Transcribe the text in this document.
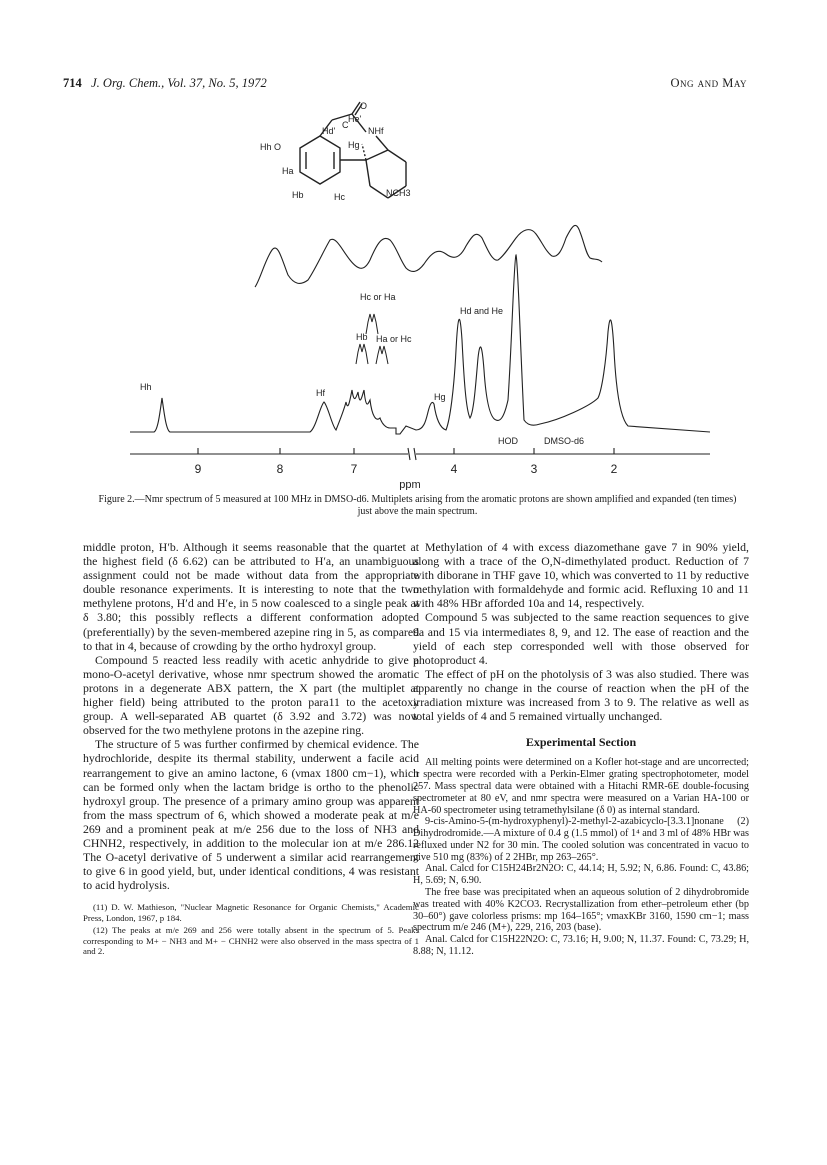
714 J. Org. Chem., Vol. 37, No. 5, 1972	Ong and May
He'
Hd'
O
C
NHf
Hh O	Hg
Ha
Hb	Hc	NCH3
Hc or Ha
Hb Ha or Hc
Hd and He
Hh
Hf	Hg
HOD	DMSO-d6
9	8	7	4	3	2
ppm
Figure 2.—Nmr spectrum of 5 measured at 100 MHz in DMSO-d6. Multiplets arising from the aromatic protons are shown amplified and expanded (ten times) just above the main spectrum.

middle proton, H′b. Although it seems reasonable that the quartet at the highest field (δ 6.62) can be attributed to H′a, an unambiguous assignment could not be made without data from the appropriate double resonance experiments. It is interesting to note that the two methylene protons, H′d and H′e, in 5 now coalesced to a single peak at δ 3.80; this possibly reflects a different conformation adopted (preferentially) by the seven-membered azepine ring in 5, as compared to that in 4, because of crowding by the ortho hydroxyl group.

Compound 5 reacted less readily with acetic anhydride to give a mono-O-acetyl derivative, whose nmr spectrum showed the aromatic protons in a degenerate ABX pattern, the X part (the multiplet at higher field) being attributed to the proton para11 to the acetoxy group. A well-separated AB quartet (δ 3.92 and 3.72) was now observed for the two methylene protons in the azepine ring.

The structure of 5 was further confirmed by chemical evidence. The hydrochloride, despite its thermal stability, underwent a facile acid rearrangement to give an amino lactone, 6 (νmax 1800 cm−1), which can be formed only when the lactam bridge is ortho to the phenolic hydroxyl group. The presence of a primary amino group was apparent from the mass spectrum of 6, which showed a moderate peak at m/e 269 and a prominent peak at m/e 256 due to the loss of NH3 and CHNH2, respectively, in addition to the molecular ion at m/e 286.12 The O-acetyl derivative of 5 underwent a similar acid rearrangement to give 6 in good yield, but, under identical conditions, 4 was resistant to acid hydrolysis.

(11) D. W. Mathieson, "Nuclear Magnetic Resonance for Organic Chemists," Academic Press, London, 1967, p 184.

(12) The peaks at m/e 269 and 256 were totally absent in the spectrum of 5. Peaks corresponding to M+ − NH3 and M+ − CHNH2 were also observed in the mass spectra of 1 and 2.

Methylation of 4 with excess diazomethane gave 7 in 90% yield, along with a trace of the O,N-dimethylated product. Reduction of 7 with diborane in THF gave 10, which was converted to 11 by reductive methylation with formaldehyde and formic acid. Refluxing 10 and 11 with 48% HBr afforded 10a and 14, respectively.

Compound 5 was subjected to the same reaction sequences to give 9a and 15 via intermediates 8, 9, and 12. The ease of reaction and the yield of each step corresponded well with those observed for photoproduct 4.

The effect of pH on the photolysis of 3 was also studied. There was apparently no change in the course of reaction when the pH of the irradiation mixture was increased from 3 to 9. The relative as well as total yields of 4 and 5 remained virtually unchanged.

Experimental Section

All melting points were determined on a Kofler hot-stage and are uncorrected; ir spectra were recorded with a Perkin-Elmer grating spectrophotometer, model 257. Mass spectral data were obtained with a Hitachi RMR-6E double-focusing spectrometer at 80 eV, and nmr spectra were measured on a Varian HA-100 or HA-60 spectrometer using tetramethylsilane (δ 0) as internal standard.

9-cis-Amino-5-(m-hydroxyphenyl)-2-methyl-2-azabicyclo-[3.3.1]nonane (2) Dihydrodromide.—A mixture of 0.4 g (1.5 mmol) of 1⁴ and 3 ml of 48% HBr was refluxed under N2 for 30 min. The cooled solution was concentrated in vacuo to give 510 mg (83%) of 2 2HBr, mp 263–265°.

Anal. Calcd for C15H24Br2N2O: C, 44.14; H, 5.92; N, 6.86. Found: C, 43.86; H, 5.69; N, 6.90.

The free base was precipitated when an aqueous solution of 2 dihydrobromide was treated with 40% K2CO3. Recrystallization from ether–petroleum ether (bp 30–60°) gave colorless prisms: mp 164–165°; νmaxKBr 3160, 1590 cm−1; mass spectrum m/e 246 (M+), 229, 216, 203 (base).

Anal. Calcd for C15H22N2O: C, 73.16; H, 9.00; N, 11.37. Found: C, 73.29; H, 8.88; N, 11.12.
